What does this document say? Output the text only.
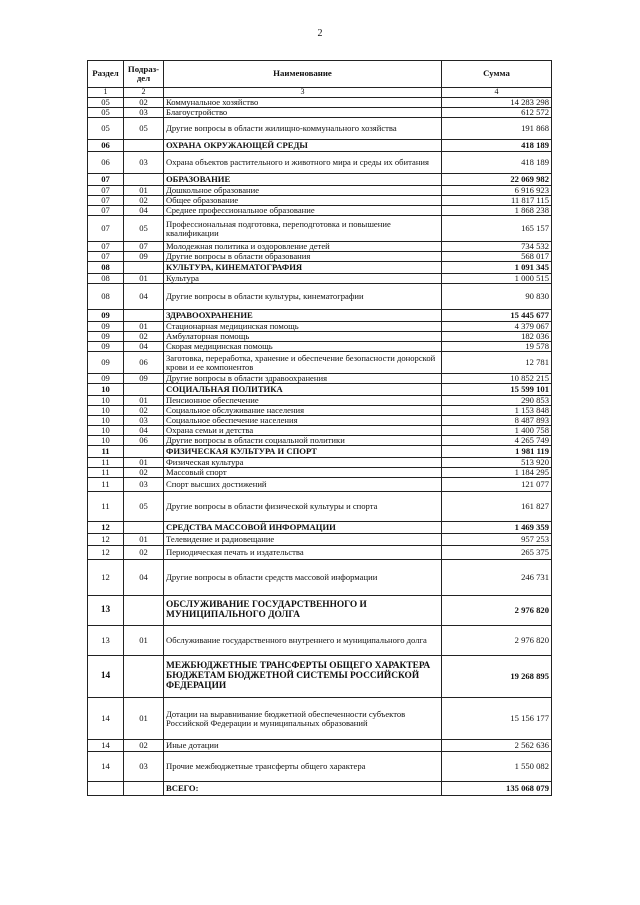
2
Раздел	Подраз-дел	Наименование	Сумма
1	2	3	4
05	02	Коммунальное хозяйство	14 283 298
05	03	Благоустройство	612 572
05	05	Другие вопросы в области жилищно-коммунального хозяйства	191 868
06		ОХРАНА ОКРУЖАЮЩЕЙ СРЕДЫ	418 189
06	03	Охрана объектов растительного и животного мира и среды их обитания	418 189
07		ОБРАЗОВАНИЕ	22 069 982
07	01	Дошкольное образование	6 916 923
07	02	Общее образование	11 817 115
07	04	Среднее профессиональное образование	1 868 238
07	05	Профессиональная подготовка, переподготовка и повышение квалификации	165 157
07	07	Молодежная политика и оздоровление детей	734 532
07	09	Другие вопросы в области образования	568 017
08		КУЛЬТУРА, КИНЕМАТОГРАФИЯ	1 091 345
08	01	Культура	1 000 515
08	04	Другие вопросы в области культуры, кинематографии	90 830
09		ЗДРАВООХРАНЕНИЕ	15 445 677
09	01	Стационарная медицинская помощь	4 379 067
09	02	Амбулаторная помощь	182 036
09	04	Скорая медицинская помощь	19 578
09	06	Заготовка, переработка, хранение и обеспечение безопасности донорской крови и ее компонентов	12 781
09	09	Другие вопросы в области здравоохранения	10 852 215
10		СОЦИАЛЬНАЯ ПОЛИТИКА	15 599 101
10	01	Пенсионное обеспечение	290 853
10	02	Социальное обслуживание населения	1 153 848
10	03	Социальное обеспечение населения	8 487 893
10	04	Охрана семьи и детства	1 400 758
10	06	Другие вопросы в области социальной политики	4 265 749
11		ФИЗИЧЕСКАЯ КУЛЬТУРА И СПОРТ	1 981 119
11	01	Физическая культура	513 920
11	02	Массовый спорт	1 184 295
11	03	Спорт высших достижений	121 077
11	05	Другие вопросы в области физической культуры и спорта	161 827
12		СРЕДСТВА МАССОВОЙ ИНФОРМАЦИИ	1 469 359
12	01	Телевидение и радиовещание	957 253
12	02	Периодическая печать и издательства	265 375
12	04	Другие вопросы в области средств массовой информации	246 731
13		ОБСЛУЖИВАНИЕ ГОСУДАРСТВЕННОГО И МУНИЦИПАЛЬНОГО ДОЛГА	2 976 820
13	01	Обслуживание государственного внутреннего и муниципального долга	2 976 820
14		МЕЖБЮДЖЕТНЫЕ ТРАНСФЕРТЫ ОБЩЕГО ХАРАКТЕРА БЮДЖЕТАМ БЮДЖЕТНОЙ СИСТЕМЫ РОССИЙСКОЙ ФЕДЕРАЦИИ	19 268 895
14	01	Дотации на выравнивание бюджетной обеспеченности субъектов Российской Федерации и муниципальных образований	15 156 177
14	02	Иные дотации	2 562 636
14	03	Прочие межбюджетные трансферты общего характера	1 550 082
		ВСЕГО:	135 068 079
